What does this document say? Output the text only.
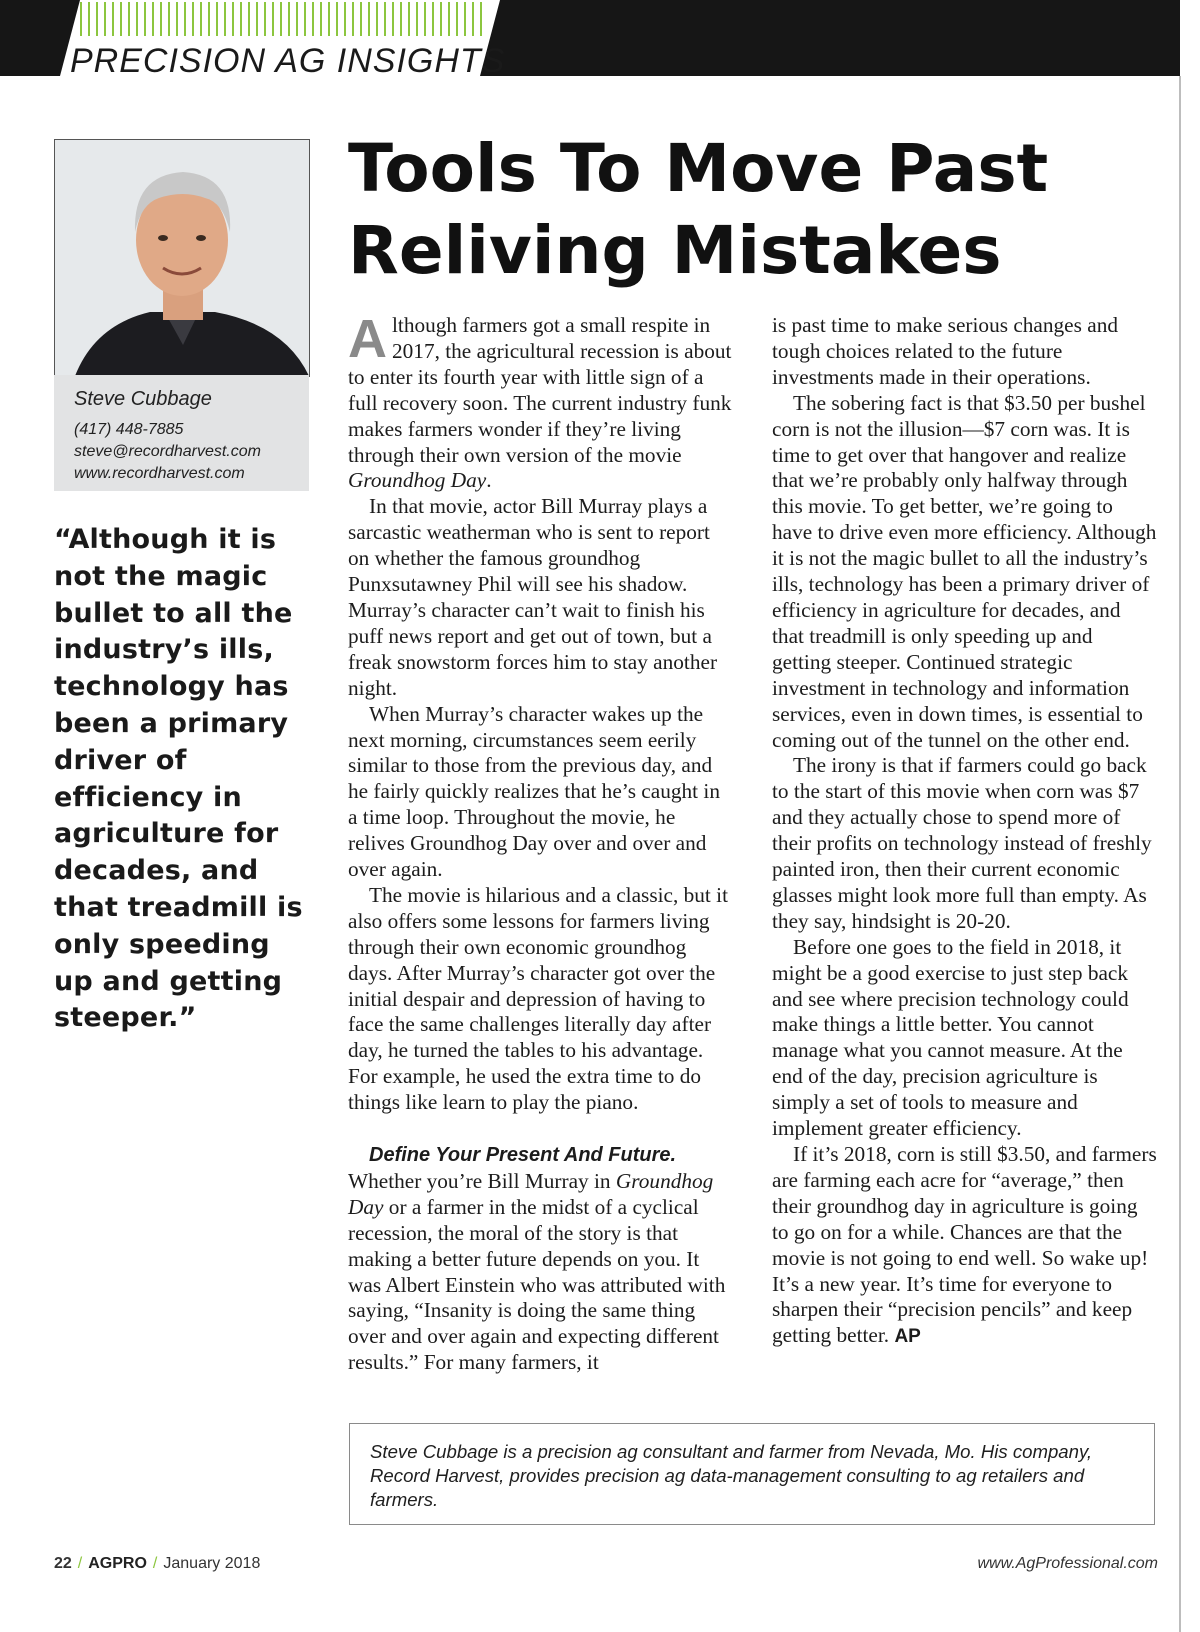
PRECISION AG INSIGHTS
Steve Cubbage
(417) 448-7885
steve@recordharvest.com
www.recordharvest.com
“Although it is not the magic bullet to all the industry’s ills, technology has been a primary driver of efficiency in agriculture for decades, and that treadmill is only speeding up and getting steeper.”
Tools To Move Past
Reliving Mistakes

Although farmers got a small respite in 2017, the agricultural recession is about to enter its fourth year with little sign of a full recovery soon. The current industry funk makes farmers wonder if they’re living through their own version of the movie Groundhog Day.

In that movie, actor Bill Murray plays a sarcastic weatherman who is sent to report on whether the famous groundhog Punxsutawney Phil will see his shadow. Murray’s character can’t wait to finish his puff news report and get out of town, but a freak snowstorm forces him to stay another night.

When Murray’s character wakes up the next morning, circumstances seem eerily similar to those from the previous day, and he fairly quickly realizes that he’s caught in a time loop. Throughout the movie, he relives Groundhog Day over and over and over again.

The movie is hilarious and a classic, but it also offers some lessons for farmers living through their own economic groundhog days. After Murray’s character got over the initial despair and depression of having to face the same challenges literally day after day, he turned the tables to his advantage. For example, he used the extra time to do things like learn to play the piano.

Define Your Present And Future.

Whether you’re Bill Murray in Groundhog Day or a farmer in the midst of a cyclical recession, the moral of the story is that making a better future depends on you. It was Albert Einstein who was attributed with saying, “Insanity is doing the same thing over and over again and expecting different results.” For many farmers, it

is past time to make serious changes and tough choices related to the future investments made in their operations.

The sobering fact is that $3.50 per bushel corn is not the illusion—$7 corn was. It is time to get over that hangover and realize that we’re probably only halfway through this movie. To get better, we’re going to have to drive even more efficiency. Although it is not the magic bullet to all the industry’s ills, technology has been a primary driver of efficiency in agriculture for decades, and that treadmill is only speeding up and getting steeper. Continued strategic investment in technology and information services, even in down times, is essential to coming out of the tunnel on the other end.

The irony is that if farmers could go back to the start of this movie when corn was $7 and they actually chose to spend more of their profits on technology instead of freshly painted iron, then their current economic glasses might look more full than empty. As they say, hindsight is 20-20.

Before one goes to the field in 2018, it might be a good exercise to just step back and see where precision technology could make things a little better. You cannot manage what you cannot measure. At the end of the day, precision agriculture is simply a set of tools to measure and implement greater efficiency.

If it’s 2018, corn is still $3.50, and farmers are farming each acre for “average,” then their groundhog day in agriculture is going to go on for a while. Chances are that the movie is not going to end well. So wake up! It’s a new year. It’s time for everyone to sharpen their “precision pencils” and keep getting better. AP

Steve Cubbage is a precision ag consultant and farmer from Nevada, Mo. His company, Record Harvest, provides precision ag data-management consulting to ag retailers and farmers.
22 / AGPRO / January 2018	www.AgProfessional.com
